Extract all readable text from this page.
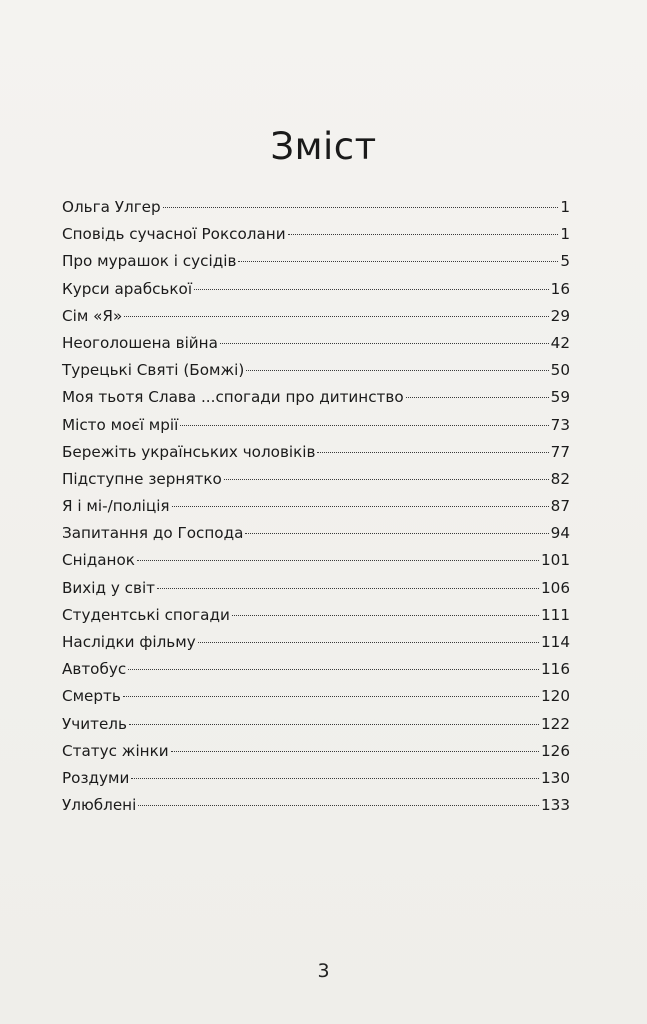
Зміст
Ольга Улгер	1
Сповідь сучасної Роксолани	1
Про мурашок і сусідів	5
Курси арабської	16
Сім «Я»	29
Неоголошена війна	42
Турецькі Святі (Бомжі)	50
Моя тьотя Слава ...спогади про дитинство	59
Місто моєї мрії	73
Бережіть українських чоловіків	77
Підступне зернятко	82
Я і мі-/поліція	87
Запитання до Господа	94
Сніданок	101
Вихід у світ	106
Студентські спогади	111
Наслідки фільму	114
Автобус	116
Смерть	120
Учитель	122
Статус жінки	126
Роздуми	130
Улюблені	133
3
